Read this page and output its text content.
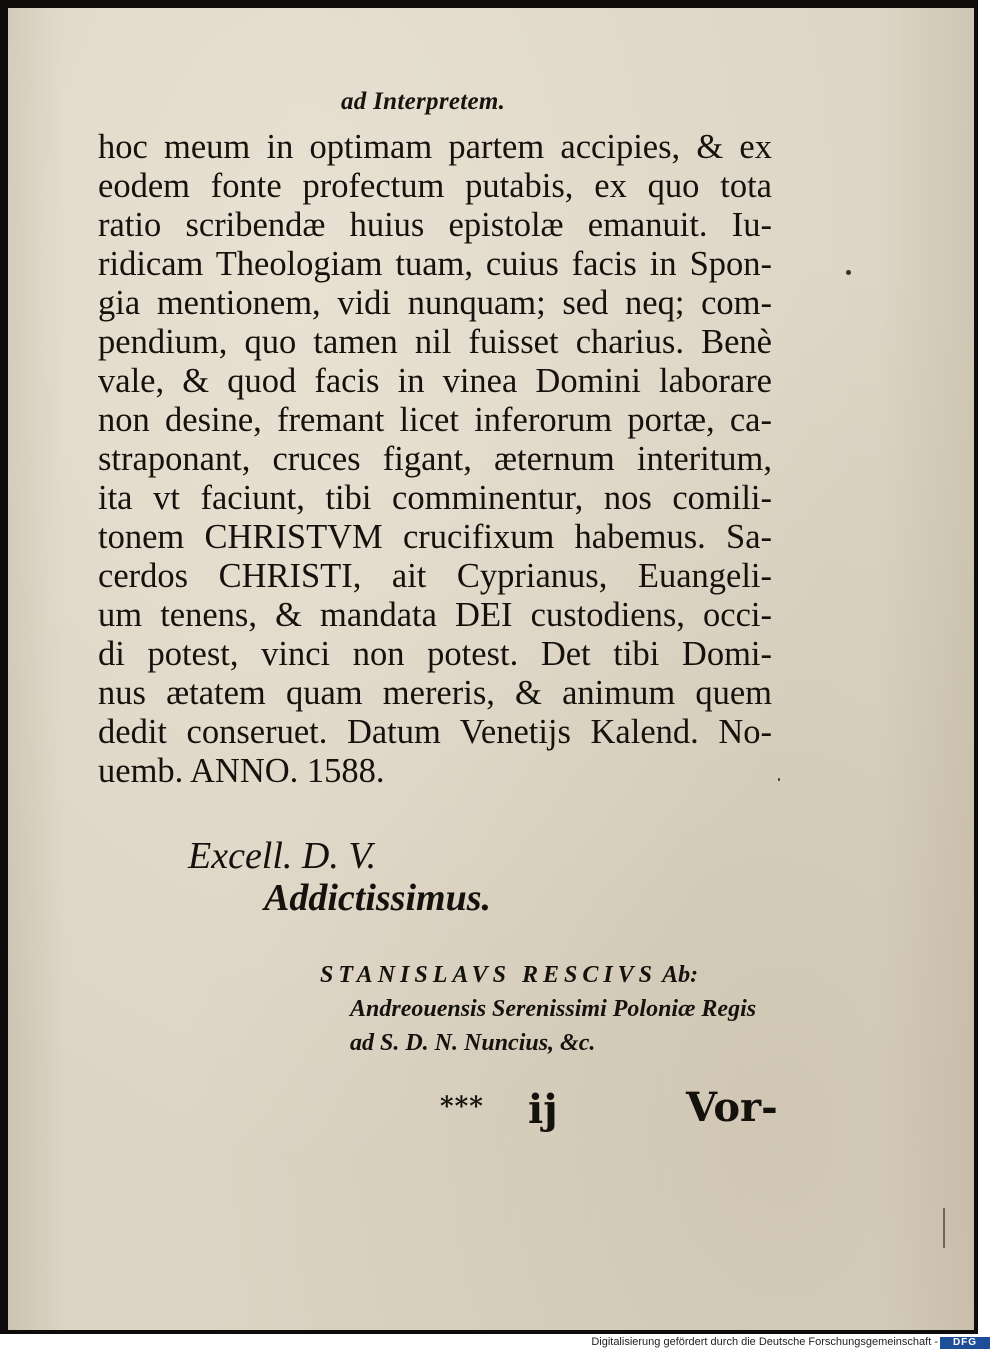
ad Interpretem.
hoc meum in optimam partem accipies, & ex
eodem fonte profectum putabis, ex quo tota
ratio scribendæ huius epistolæ emanuit. Iu-
ridicam Theologiam tuam, cuius facis in Spon-
gia mentionem, vidi nunquam; sed neq; com-
pendium, quo tamen nil fuisset charius. Benè
vale, & quod facis in vinea Domini laborare
non desine, fremant licet inferorum portæ, ca-
straponant, cruces figant, æternum interitum,
ita vt faciunt, tibi comminentur, nos comili-
tonem CHRISTVM crucifixum habemus. Sa-
cerdos CHRISTI, ait Cyprianus, Euangeli-
um tenens, & mandata DEI custodiens, occi-
di potest, vinci non potest. Det tibi Domi-
nus ætatem quam mereris, & animum quem
dedit conseruet. Datum Venetijs Kalend. No-
uemb. ANNO. 1588.
Excell. D. V.
Addictissimus.
STANISLAVS RESCIVS Ab:
Andreouensis Serenissimi Poloniæ Regis
ad S. D. N. Nuncius, &c.
*** ij	Vor-
Digitalisierung gefördert durch die Deutsche Forschungsgemeinschaft -	DFG
